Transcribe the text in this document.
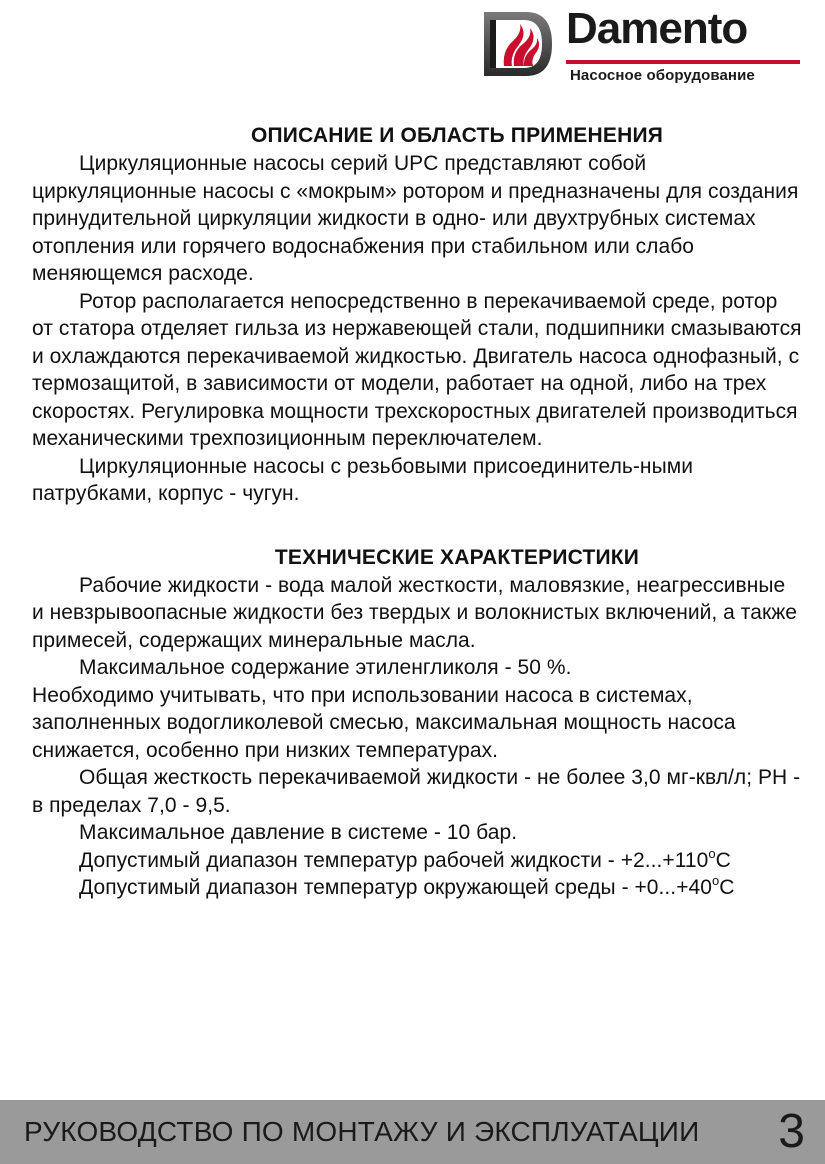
Damento
Насосное оборудование
ОПИСАНИЕ И ОБЛАСТЬ ПРИМЕНЕНИЯ

Циркуляционные насосы серий UPC представляют собой циркуляционные насосы с «мокрым» ротором и предназначены для создания принудительной циркуляции жидкости в одно- или двухтрубных системах отопления или горячего водоснабжения при стабильном или слабо меняющемся расходе.

Ротор располагается непосредственно в перекачиваемой среде, ротор от статора отделяет гильза из нержавеющей стали, подшипники смазываются и охлаждаются перекачиваемой жидкостью. Двигатель насоса однофазный, с термозащитой, в зависимости от модели, работает на одной, либо на трех скоростях. Регулировка мощности трехскоростных двигателей производиться механическими трехпозиционным переключателем.

Циркуляционные насосы с резьбовыми присоединитель-ными патрубками, корпус - чугун.

ТЕХНИЧЕСКИЕ ХАРАКТЕРИСТИКИ

Рабочие жидкости - вода малой жесткости, маловязкие, неагрессивные и невзрывоопасные жидкости без твердых и волокнистых включений, а также примесей, содержащих минеральные масла.

Максимальное содержание этиленгликоля - 50 %.

Необходимо учитывать, что при использовании насоса в системах, заполненных водогликолевой смесью, максимальная мощность насоса снижается, особенно при низких температурах.

Общая жесткость перекачиваемой жидкости - не более 3,0 мг-квл/л; PH - в пределах 7,0 - 9,5.

Максимальное давление в системе - 10 бар.

Допустимый диапазон температур рабочей жидкости - $+2...+110^oC$

Допустимый диапазон температур окружающей среды - $+0...+40^oC$

РУКОВОДСТВО ПО МОНТАЖУ И ЭКСПЛУАТАЦИИ 3
